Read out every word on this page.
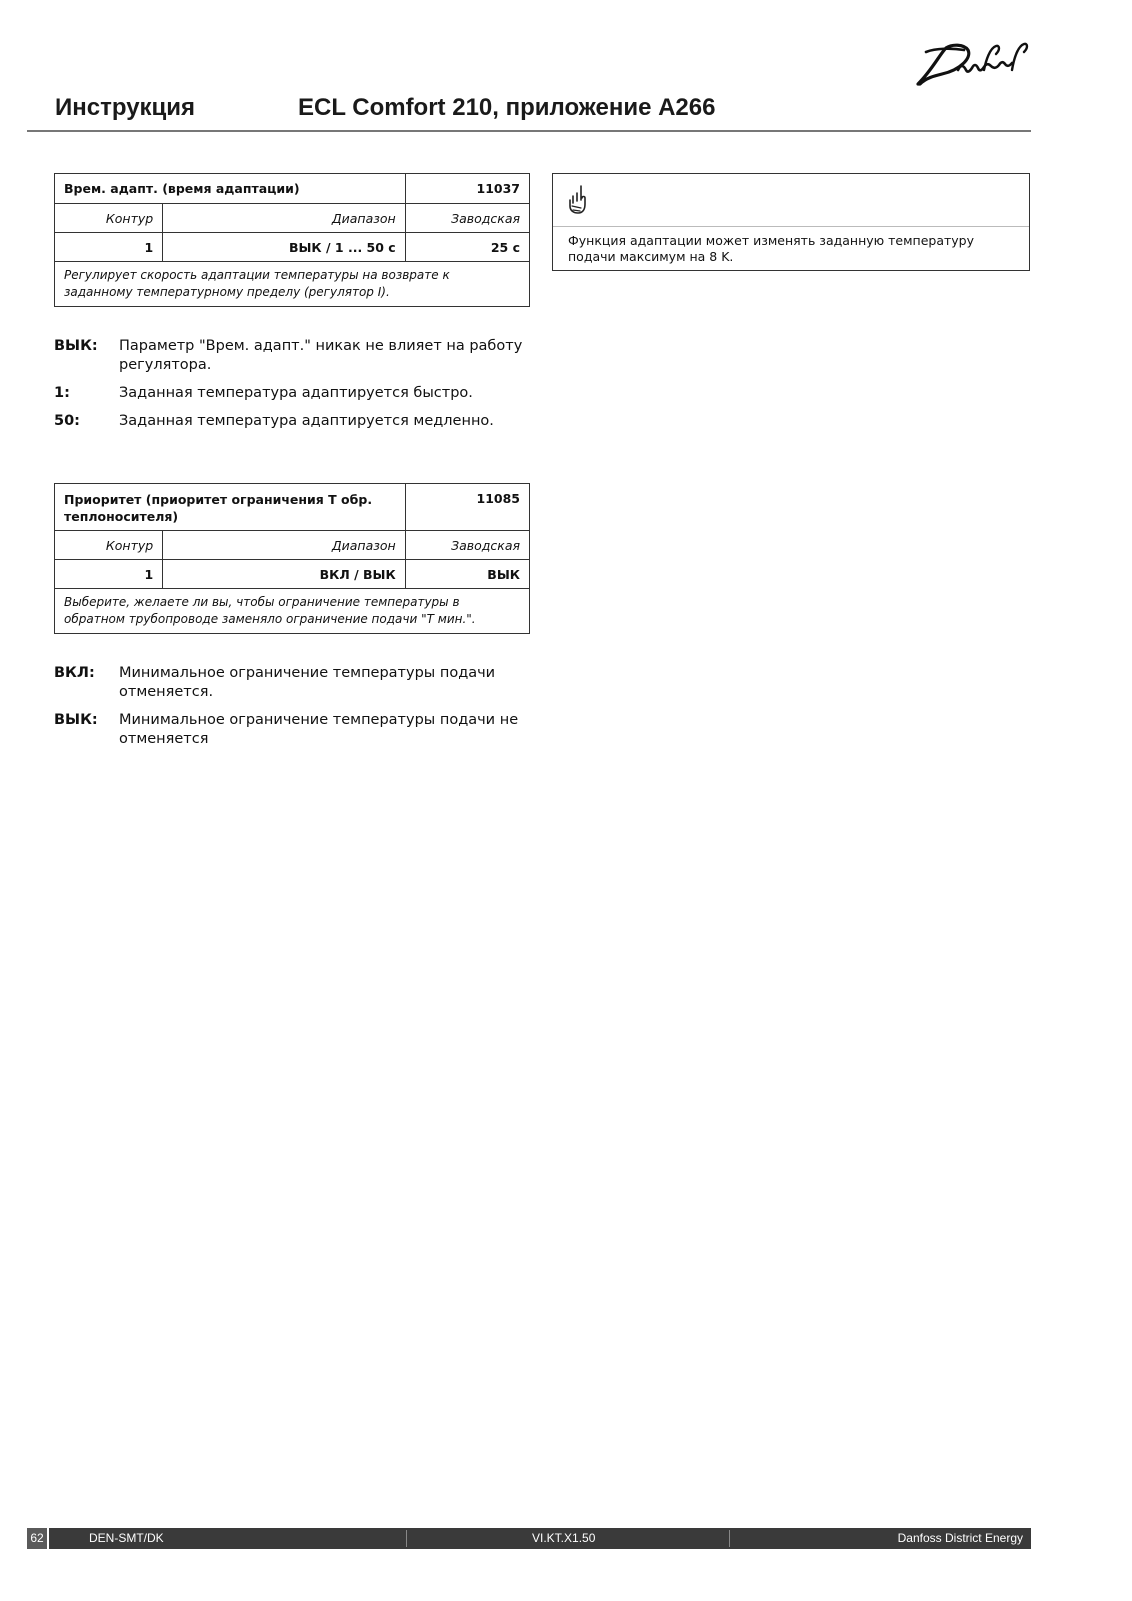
Инструкция	ECL Comfort 210, приложение A266
Врем. адапт. (время адаптации)		11037
Контур	Диапазон	Заводская
1	ВЫК / 1 ... 50 с	25 с
Регулирует скорость адаптации температуры на возврате к заданному температурному пределу (регулятор I).		
Функция адаптации может изменять заданную температуру подачи максимум на 8 K.
ВЫК: Параметр "Врем. адапт." никак не влияет на работу регулятора.
1:	Заданная температура адаптируется быстро.
50:	Заданная температура адаптируется медленно.
Приоритет (приоритет ограничения T обр. теплоносителя)		11085
Контур	Диапазон	Заводская
1	ВКЛ / ВЫК	ВЫК
Выберите, желаете ли вы, чтобы ограничение температуры в обратном трубопроводе заменяло ограничение подачи "T мин.".		
ВКЛ: Минимальное ограничение температуры подачи отменяется.
ВЫК: Минимальное ограничение температуры подачи не отменяется
62	DEN-SMT/DK	VI.KT.X1.50	Danfoss District Energy
